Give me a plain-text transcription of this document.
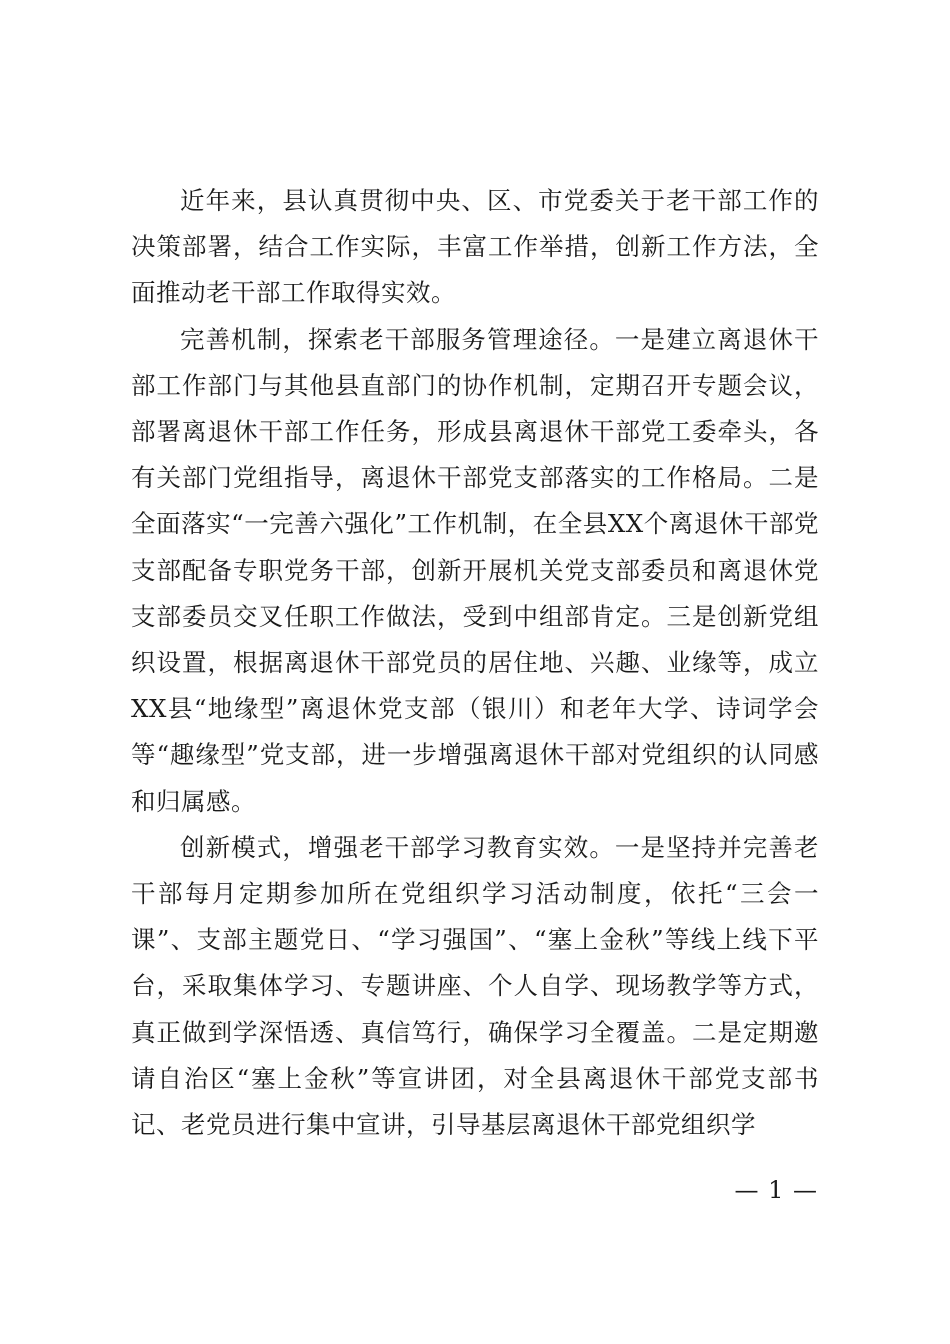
近年来，县认真贯彻中央、区、市党委关于老干部工作的决策部署，结合工作实际，丰富工作举措，创新工作方法，全面推动老干部工作取得实效。

完善机制，探索老干部服务管理途径。一是建立离退休干部工作部门与其他县直部门的协作机制，定期召开专题会议，部署离退休干部工作任务，形成县离退休干部党工委牵头，各有关部门党组指导，离退休干部党支部落实的工作格局。二是全面落实“一完善六强化”工作机制，在全县XX个离退休干部党支部配备专职党务干部，创新开展机关党支部委员和离退休党支部委员交叉任职工作做法，受到中组部肯定。三是创新党组织设置，根据离退休干部党员的居住地、兴趣、业缘等，成立XX县“地缘型”离退休党支部（银川）和老年大学、诗词学会等“趣缘型”党支部，进一步增强离退休干部对党组织的认同感和归属感。

创新模式，增强老干部学习教育实效。一是坚持并完善老干部每月定期参加所在党组织学习活动制度，依托“三会一课”、支部主题党日、“学习强国”、“塞上金秋”等线上线下平台，采取集体学习、专题讲座、个人自学、现场教学等方式，真正做到学深悟透、真信笃行，确保学习全覆盖。二是定期邀请自治区“塞上金秋”等宣讲团，对全县离退休干部党支部书记、老党员进行集中宣讲，引导基层离退休干部党组织学

— 1 —
